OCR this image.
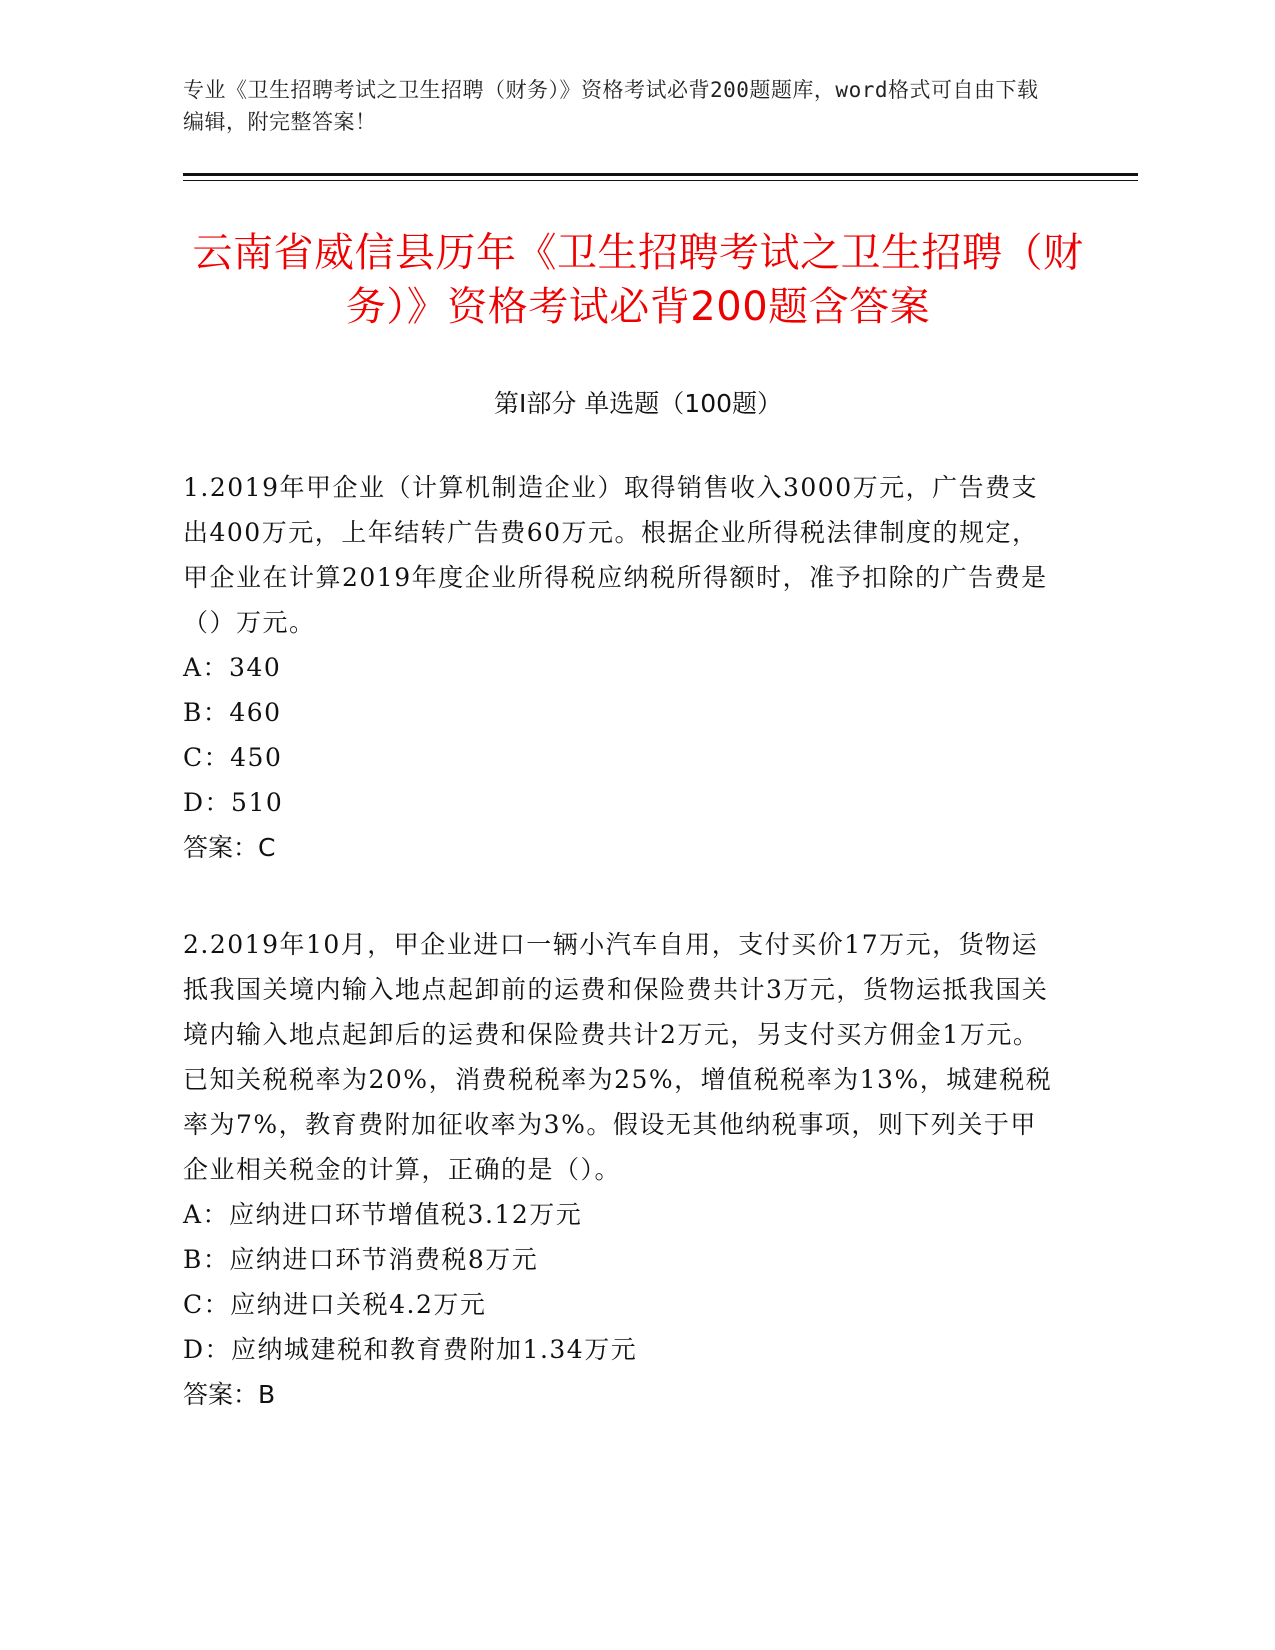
专业《卫生招聘考试之卫生招聘（财务）》资格考试必背200题题库，word格式可自由下载编辑，附完整答案！
云南省威信县历年《卫生招聘考试之卫生招聘（财务）》资格考试必背200题含答案
第I部分 单选题（100题）

1.2019年甲企业（计算机制造企业）取得销售收入3000万元，广告费支出400万元，上年结转广告费60万元。根据企业所得税法律制度的规定，甲企业在计算2019年度企业所得税应纳税所得额时，准予扣除的广告费是（）万元。

A：340

B：460

C：450

D：510

答案：C

2.2019年10月，甲企业进口一辆小汽车自用，支付买价17万元，货物运抵我国关境内输入地点起卸前的运费和保险费共计3万元，货物运抵我国关境内输入地点起卸后的运费和保险费共计2万元，另支付买方佣金1万元。已知关税税率为20%，消费税税率为25%，增值税税率为13%，城建税税率为7%，教育费附加征收率为3%。假设无其他纳税事项，则下列关于甲企业相关税金的计算，正确的是（）。

A：应纳进口环节增值税3.12万元

B：应纳进口环节消费税8万元

C：应纳进口关税4.2万元

D：应纳城建税和教育费附加1.34万元

答案：B
